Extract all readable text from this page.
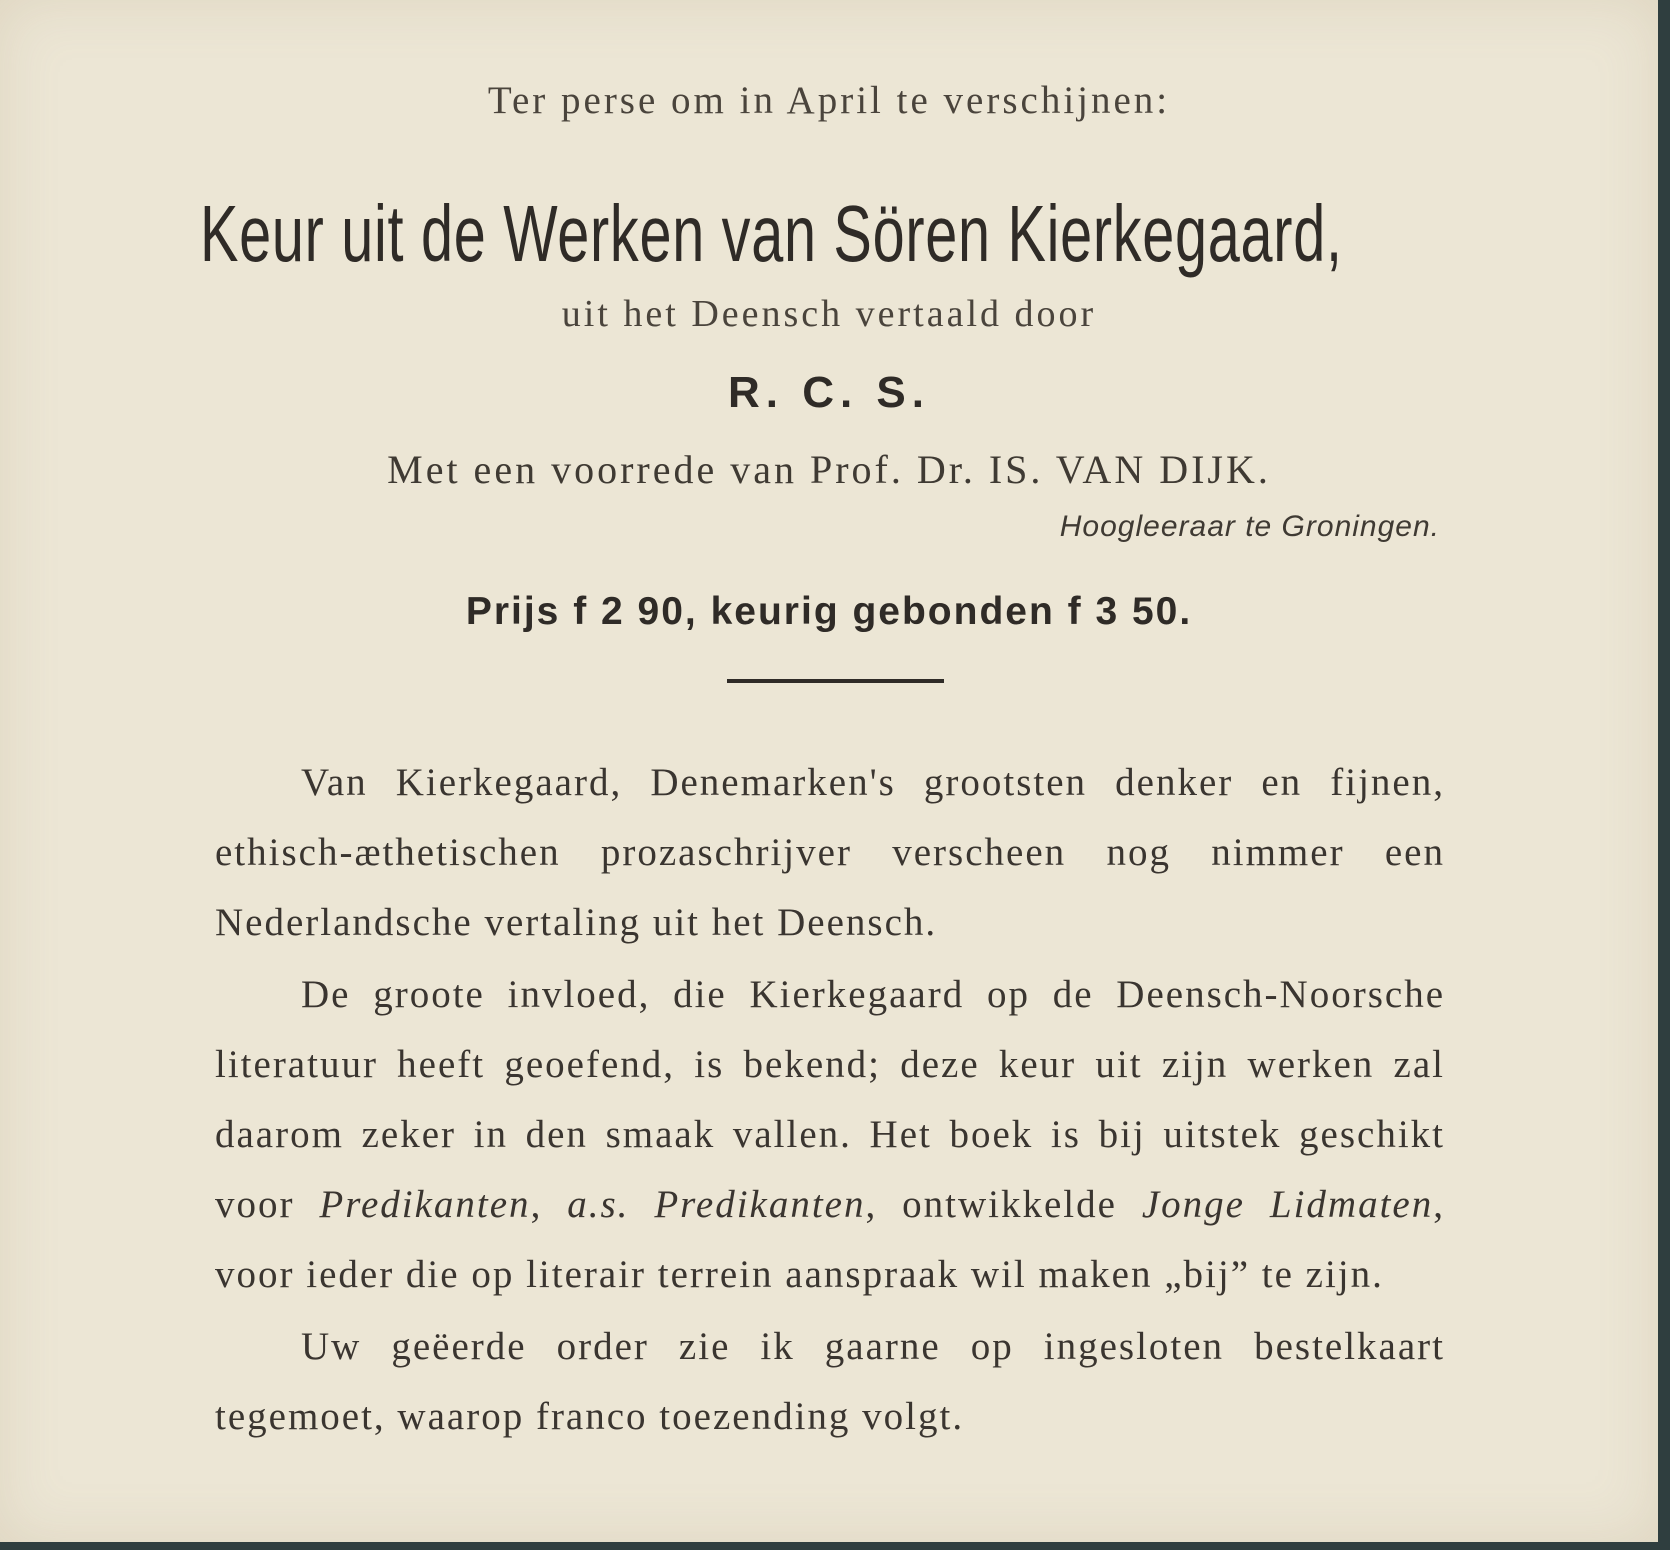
Ter perse om in April te verschijnen:
Keur uit de Werken van Sören Kierkegaard,
uit het Deensch vertaald door
R. C. S.
Met een voorrede van Prof. Dr. IS. VAN DIJK.
Hoogleeraar te Groningen.
Prijs f 2 90, keurig gebonden f 3 50.

Van Kierkegaard, Denemarken's grootsten denker en fijnen, ethisch-æthetischen prozaschrijver verscheen nog nimmer een Nederlandsche vertaling uit het Deensch.

De groote invloed, die Kierkegaard op de Deensch-Noorsche literatuur heeft geoefend, is bekend; deze keur uit zijn werken zal daarom zeker in den smaak vallen. Het boek is bij uitstek geschikt voor Predikanten, a.s. Predikanten, ontwikkelde Jonge Lidmaten, voor ieder die op literair terrein aanspraak wil maken „bij” te zijn.

Uw geëerde order zie ik gaarne op ingesloten bestelkaart tegemoet, waarop franco toezending volgt.
